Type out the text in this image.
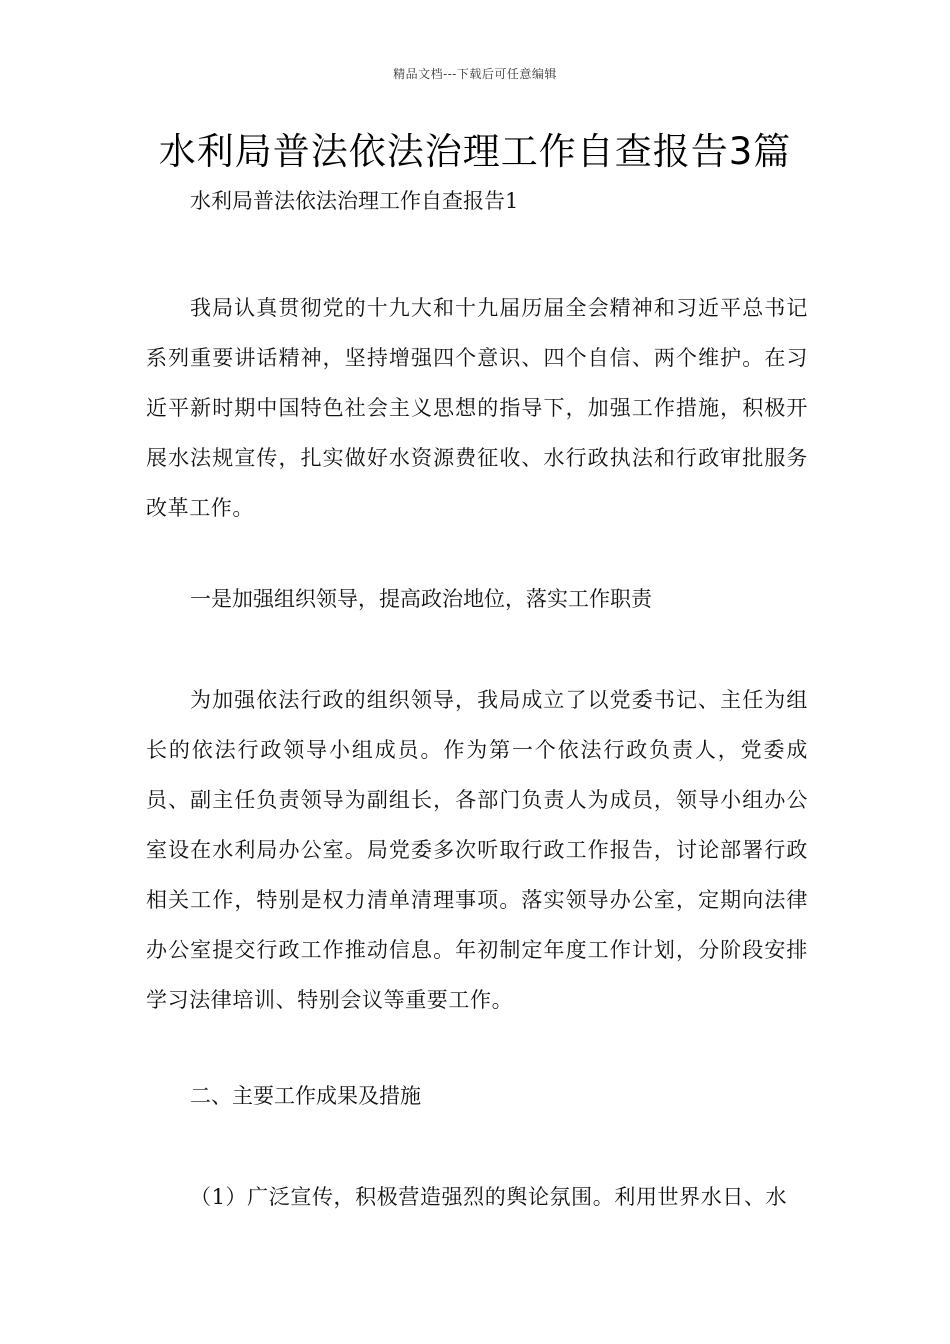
精品文档---下载后可任意编辑
水利局普法依法治理工作自查报告3篇
水利局普法依法治理工作自查报告1

我局认真贯彻党的十九大和十九届历届全会精神和习近平总书记系列重要讲话精神，坚持增强四个意识、四个自信、两个维护。在习近平新时期中国特色社会主义思想的指导下，加强工作措施，积极开展水法规宣传，扎实做好水资源费征收、水行政执法和行政审批服务改革工作。

一是加强组织领导，提高政治地位，落实工作职责

为加强依法行政的组织领导，我局成立了以党委书记、主任为组长的依法行政领导小组成员。作为第一个依法行政负责人，党委成员、副主任负责领导为副组长，各部门负责人为成员，领导小组办公室设在水利局办公室。局党委多次听取行政工作报告，讨论部署行政相关工作，特别是权力清单清理事项。落实领导办公室，定期向法律办公室提交行政工作推动信息。年初制定年度工作计划，分阶段安排学习法律培训、特别会议等重要工作。

二、主要工作成果及措施

（1）广泛宣传，积极营造强烈的舆论氛围。利用世界水日、水
